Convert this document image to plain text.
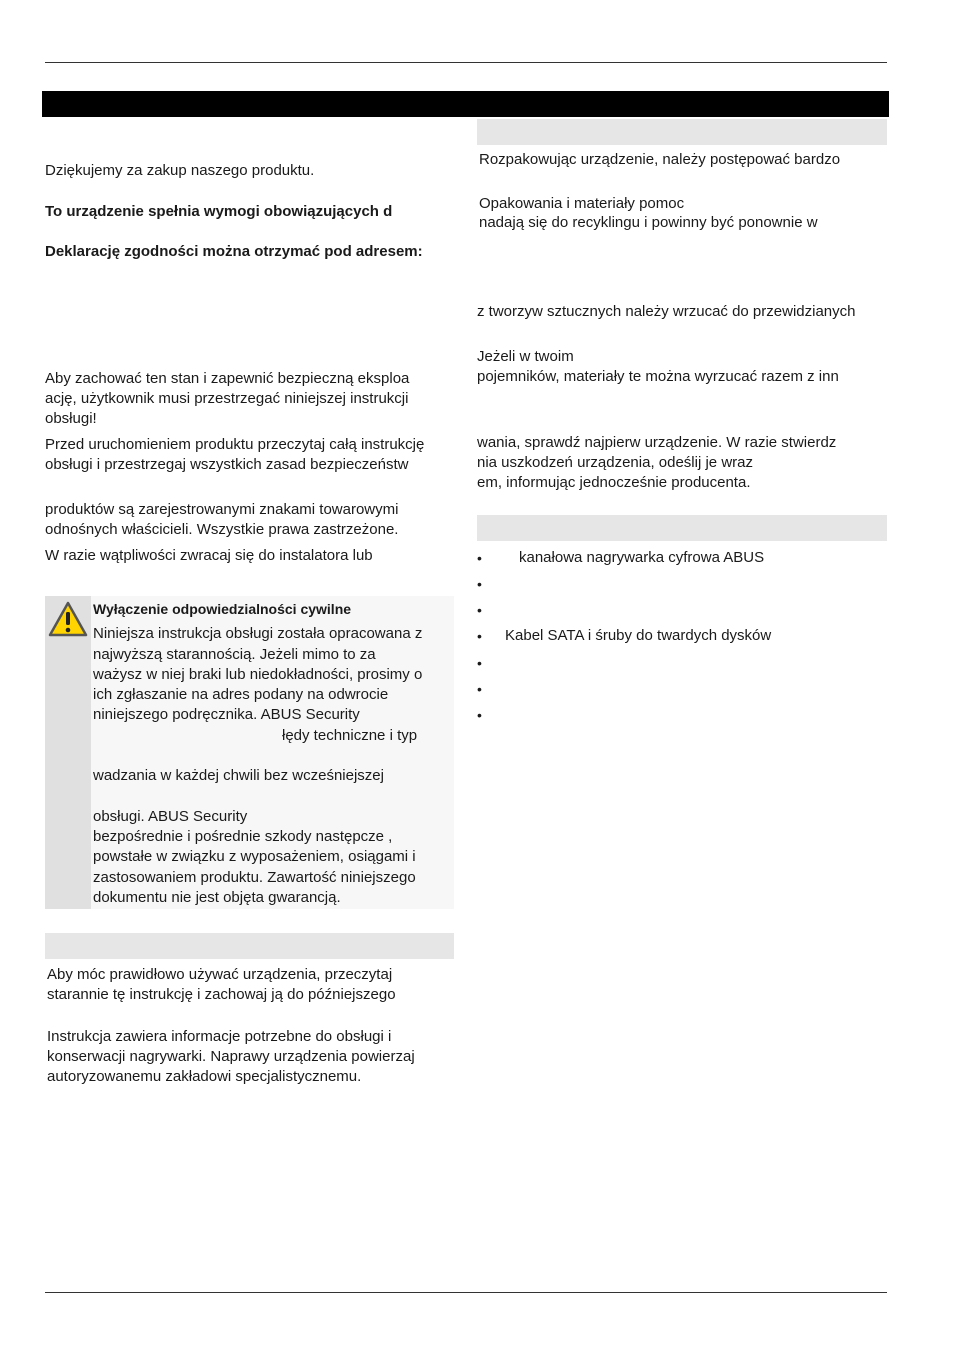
Dziękujemy za zakup naszego produktu.
To urządzenie spełnia wymogi obowiązujących d
Deklarację zgodności można otrzymać pod adresem:
Aby zachować ten stan i zapewnić bezpieczną eksploa
ację, użytkownik musi przestrzegać niniejszej instrukcji
obsługi!
Przed uruchomieniem produktu przeczytaj całą instrukcję
obsługi i przestrzegaj wszystkich zasad bezpieczeństw
produktów są zarejestrowanymi znakami towarowymi
odnośnych właścicieli. Wszystkie prawa zastrzeżone.
W razie wątpliwości zwracaj się do instalatora lub
Wyłączenie odpowiedzialności cywilne
Niniejsza instrukcja obsługi została opracowana z
najwyższą starannością. Jeżeli mimo to za
ważysz w niej braki lub niedokładności, prosimy o
ich zgłaszanie na adres podany na odwrocie
niniejszego podręcznika. ABUS Security
łędy techniczne i typ
wadzania w każdej chwili bez wcześniejszej
obsługi. ABUS Security
bezpośrednie i pośrednie szkody następcze ,
powstałe w związku z wyposażeniem, osiągami i
zastosowaniem produktu. Zawartość niniejszego
dokumentu nie jest objęta gwarancją.
Aby móc prawidłowo używać urządzenia, przeczytaj
starannie tę instrukcję i zachowaj ją do późniejszego
Instrukcja zawiera informacje potrzebne do obsługi i
konserwacji nagrywarki. Naprawy urządzenia powierzaj
autoryzowanemu zakładowi specjalistycznemu.
Rozpakowując urządzenie, należy postępować bardzo
Opakowania i materiały pomoc
nadają się do recyklingu i powinny być ponownie w
z tworzyw sztucznych należy wrzucać do przewidzianych
Jeżeli w twoim
pojemników, materiały te można wyrzucać razem z inn
wania, sprawdź najpierw urządzenie. W razie stwierdz
nia uszkodzeń urządzenia, odeślij je wraz
em, informując jednocześnie producenta.
• kanałowa nagrywarka cyfrowa ABUS
•
•
• Kabel SATA i śruby do twardych dysków
•
•
•
